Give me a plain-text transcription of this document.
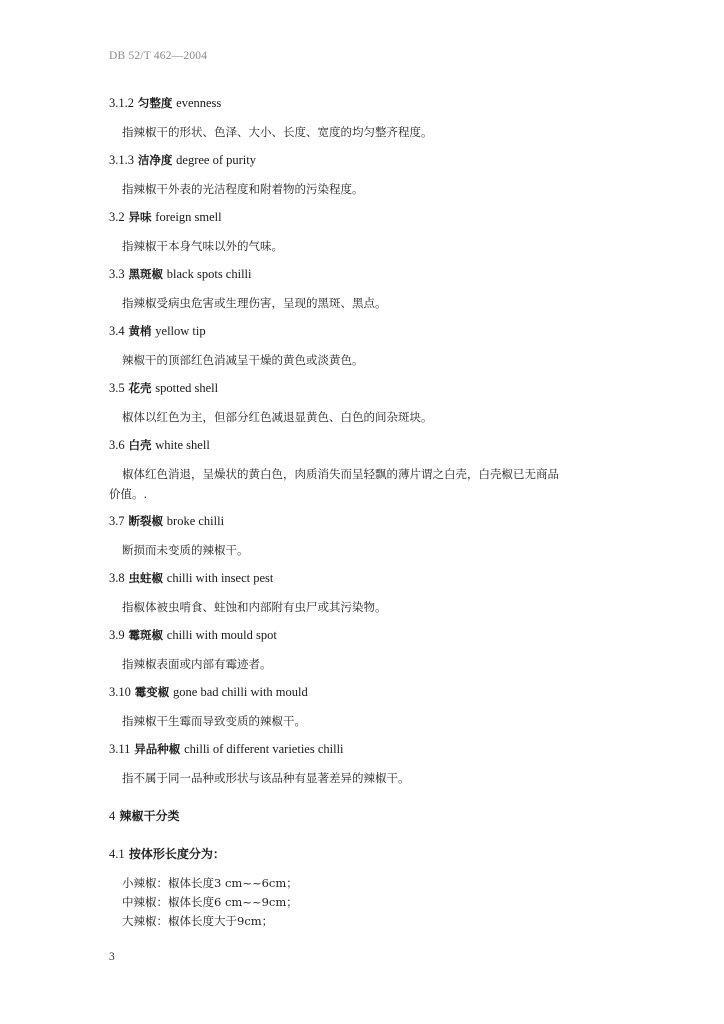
DB 52/T 462—2004
3.1.2 匀整度 evenness
指辣椒干的形状、色泽、大小、长度、宽度的均匀整齐程度。
3.1.3 洁净度 degree of purity
指辣椒干外表的光洁程度和附着物的污染程度。
3.2 异味 foreign smell
指辣椒干本身气味以外的气味。
3.3 黑斑椒 black spots chilli
指辣椒受病虫危害或生理伤害，呈现的黑斑、黑点。
3.4 黄梢 yellow tip
辣椒干的顶部红色消减呈干燥的黄色或淡黄色。
3.5 花壳 spotted shell
椒体以红色为主，但部分红色减退显黄色、白色的间杂斑块。
3.6 白壳 white shell
椒体红色消退，呈燥状的黄白色，肉质消失而呈轻飘的薄片谓之白壳，白壳椒已无商品
价值。.
3.7 断裂椒 broke chilli
断损而未变质的辣椒干。
3.8 虫蛀椒 chilli with insect pest
指椒体被虫啃食、蛀蚀和内部附有虫尸或其污染物。
3.9 霉斑椒 chilli with mould spot
指辣椒表面或内部有霉迹者。
3.10 霉变椒 gone bad chilli with mould
指辣椒干生霉而导致变质的辣椒干。
3.11 异品种椒 chilli of different varieties chilli
指不属于同一品种或形状与该品种有显著差异的辣椒干。
4 辣椒干分类
4.1 按体形长度分为：
小辣椒：椒体长度3 cm~~6cm；
中辣椒：椒体长度6 cm~~9cm；
大辣椒：椒体长度大于9cm；
3
